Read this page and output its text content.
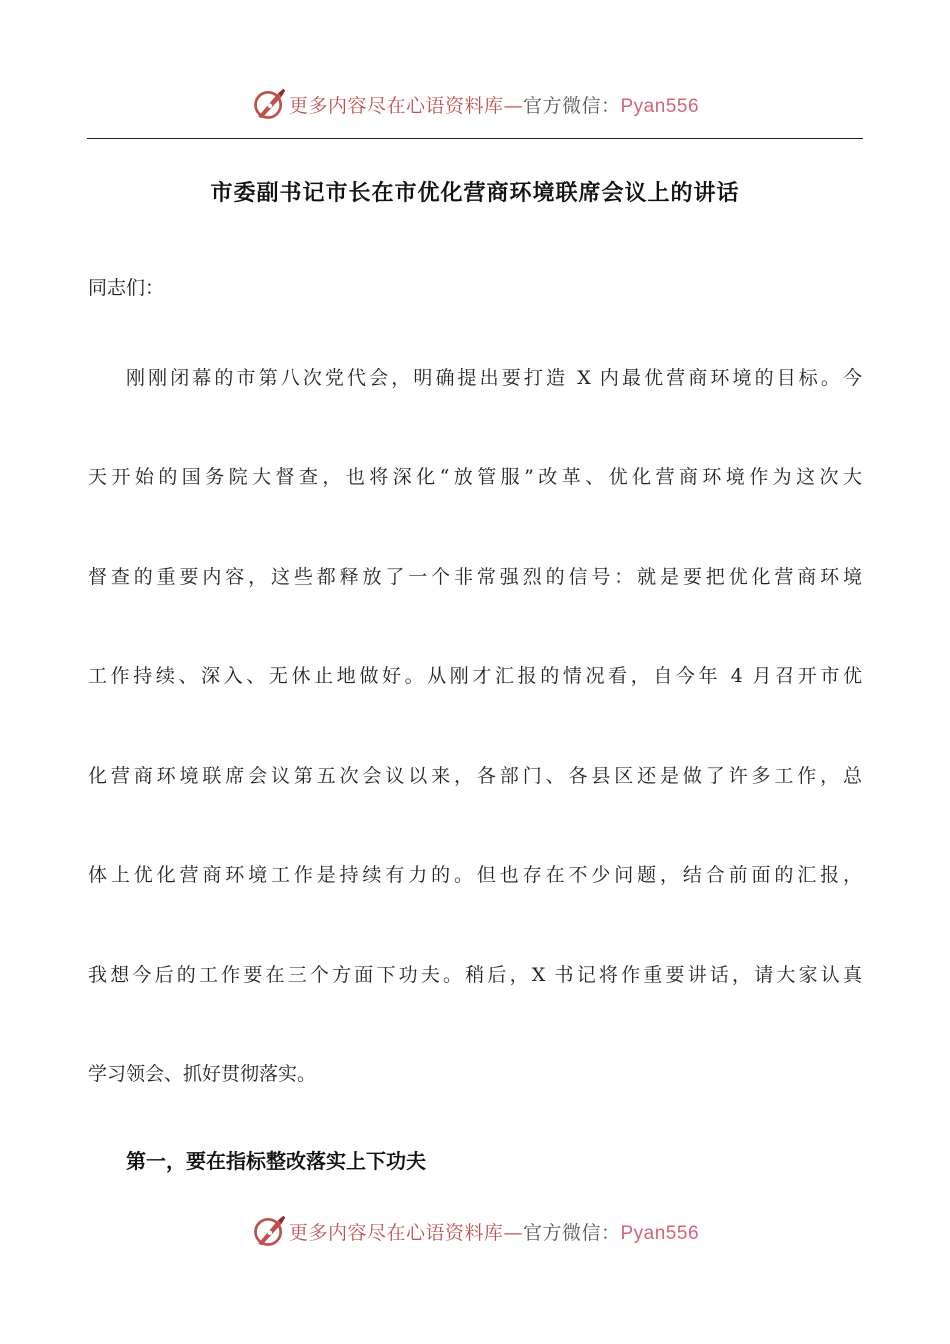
更多内容尽在心语资料库—官方微信：Pyan556
市委副书记市长在市优化营商环境联席会议上的讲话
同志们：
刚刚闭幕的市第八次党代会，明确提出要打造 X 内最优营商环境的目标。今
天开始的国务院大督查，也将深化“放管服”改革、优化营商环境作为这次大
督查的重要内容，这些都释放了一个非常强烈的信号：就是要把优化营商环境
工作持续、深入、无休止地做好。从刚才汇报的情况看，自今年 4 月召开市优
化营商环境联席会议第五次会议以来，各部门、各县区还是做了许多工作，总
体上优化营商环境工作是持续有力的。但也存在不少问题，结合前面的汇报，
我想今后的工作要在三个方面下功夫。稍后，X 书记将作重要讲话，请大家认真
学习领会、抓好贯彻落实。
第一，要在指标整改落实上下功夫
更多内容尽在心语资料库—官方微信：Pyan556
